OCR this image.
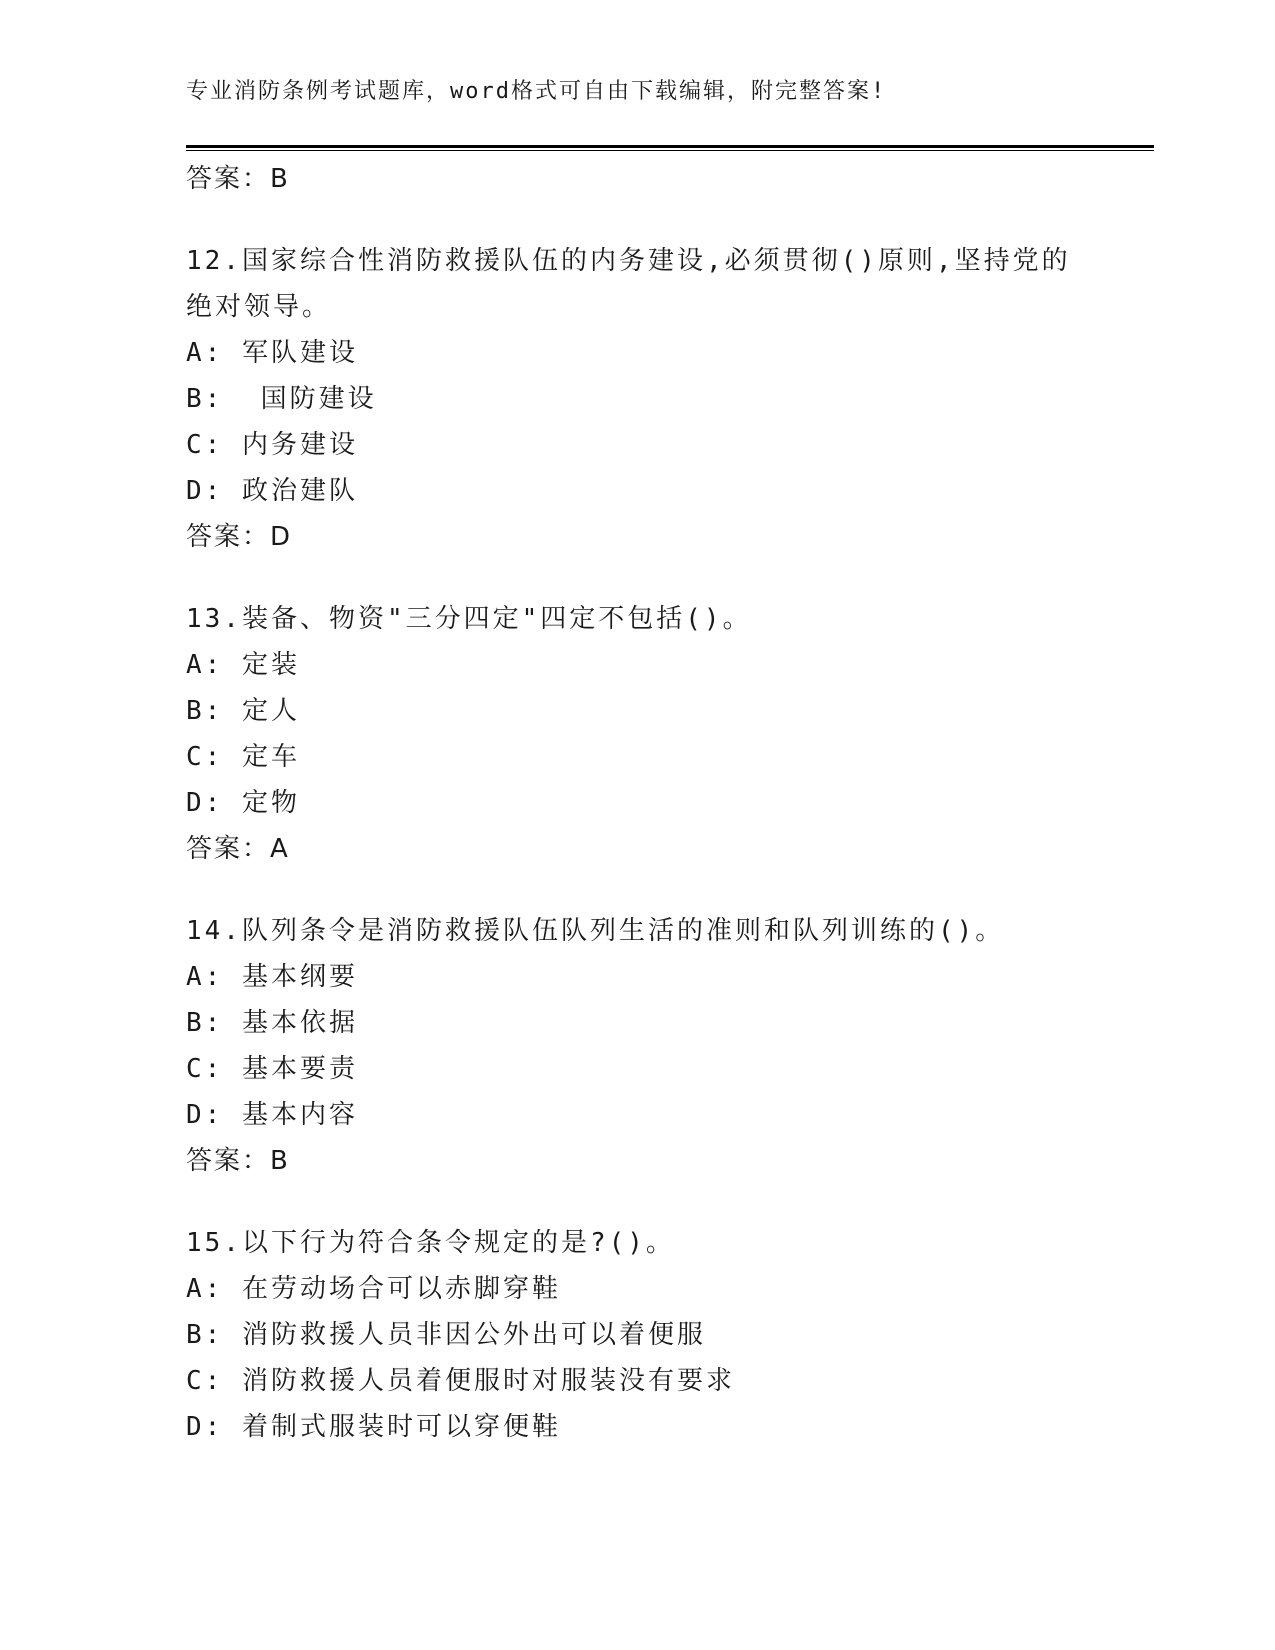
专业消防条例考试题库，word格式可自由下载编辑，附完整答案!
答案：B
12.国家综合性消防救援队伍的内务建设,必须贯彻()原则,坚持党的绝对领导。
A: 军队建设
B:  国防建设
C: 内务建设
D: 政治建队
答案：D
13.装备、物资"三分四定"四定不包括()。
A: 定装
B: 定人
C: 定车
D: 定物
答案：A
14.队列条令是消防救援队伍队列生活的准则和队列训练的()。
A: 基本纲要
B: 基本依据
C: 基本要责
D: 基本内容
答案：B
15.以下行为符合条令规定的是?()。
A: 在劳动场合可以赤脚穿鞋
B: 消防救援人员非因公外出可以着便服
C: 消防救援人员着便服时对服装没有要求
D: 着制式服装时可以穿便鞋
